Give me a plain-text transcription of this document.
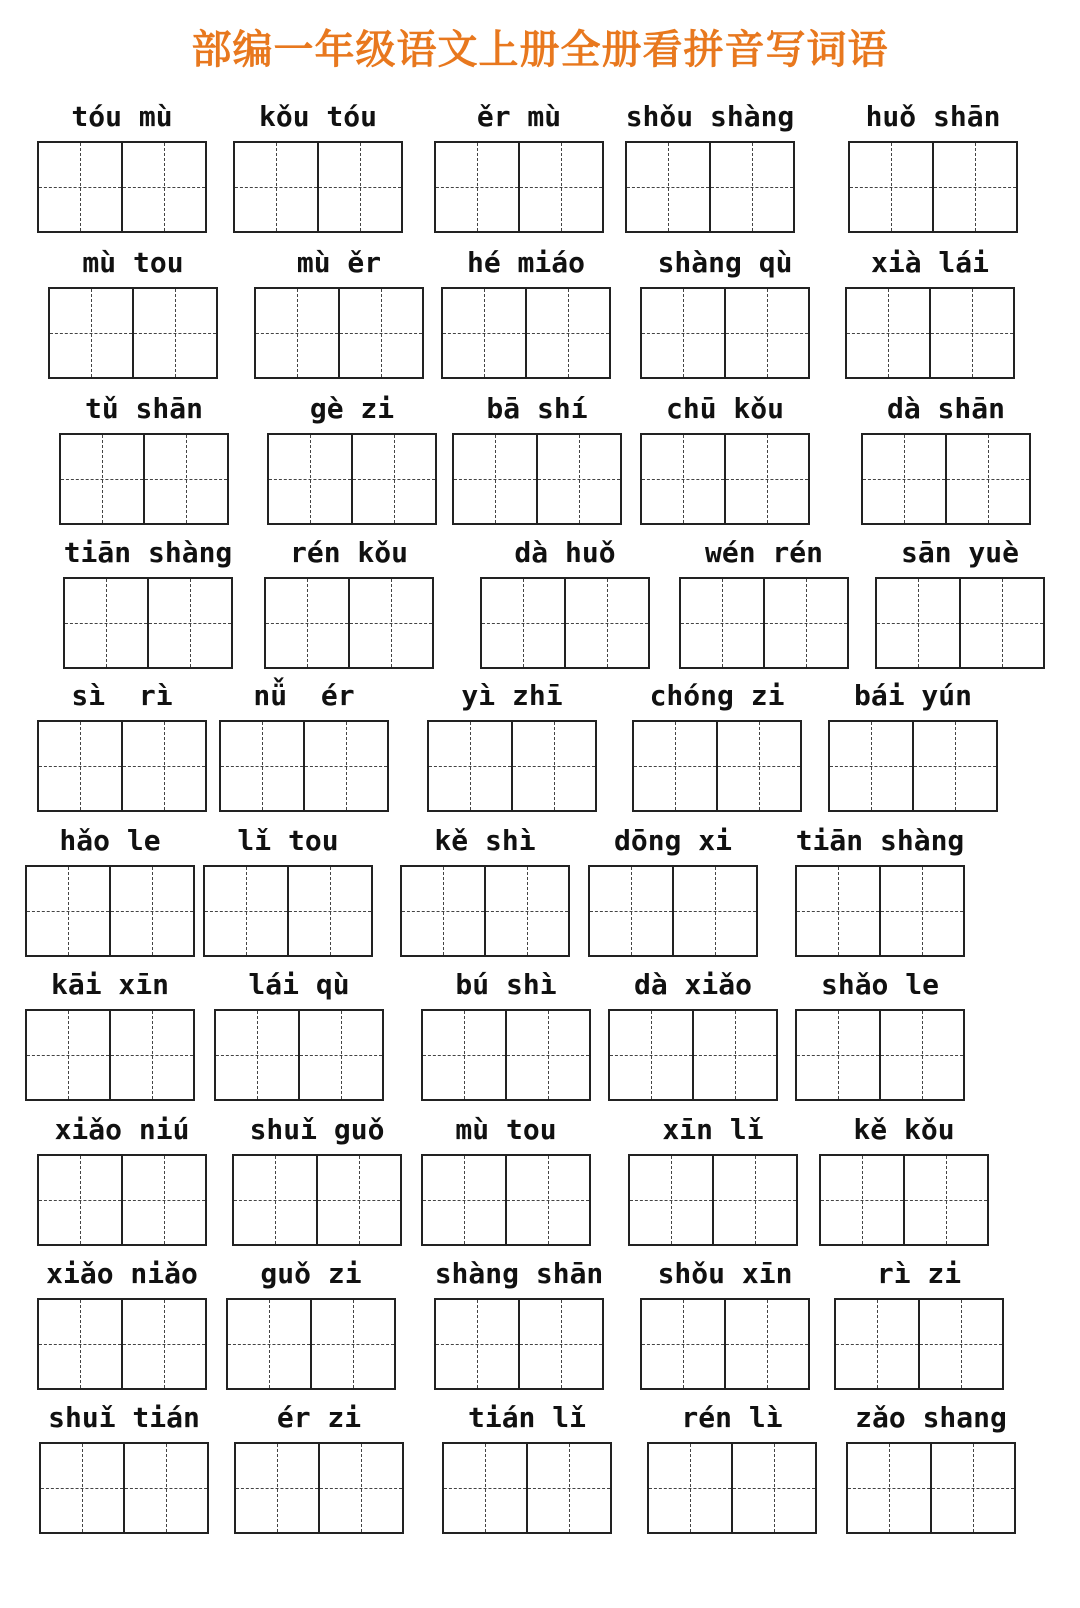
部编一年级语文上册全册看拼音写词语
tóu mù	kǒu tóu	ěr mù	shǒu shàng	huǒ shān
mù tou	mù ěr	hé miáo	shàng qù	xià lái
tǔ shān	gè zi	bā shí	chū kǒu	dà shān
tiān shàng	rén kǒu	dà huǒ	wén rén	sān yuè
sì  rì	nǚ  ér	yì zhī	chóng zi	bái yún
hǎo le	lǐ tou	kě shì	dōng xi	tiān shàng
kāi xīn	lái qù	bú shì	dà xiǎo	shǎo le
xiǎo niú	shuǐ guǒ	mù tou	xīn lǐ	kě kǒu
xiǎo niǎo	guǒ zi	shàng shān	shǒu xīn	rì zi
shuǐ tián	ér zi	tián lǐ	rén lì	zǎo shang
